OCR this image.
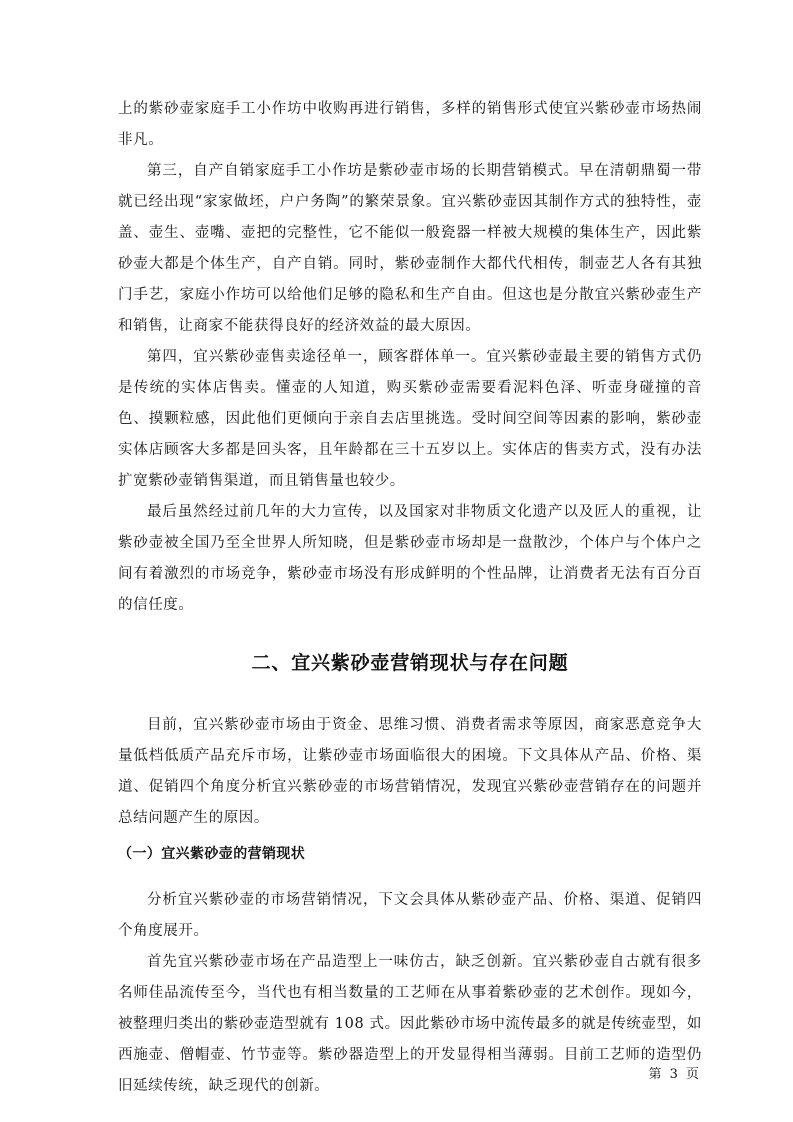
上的紫砂壶家庭手工小作坊中收购再进行销售，多样的销售形式使宜兴紫砂壶市场热闹非凡。

第三，自产自销家庭手工小作坊是紫砂壶市场的长期营销模式。早在清朝鼎蜀一带就已经出现“家家做坯，户户务陶”的繁荣景象。宜兴紫砂壶因其制作方式的独特性，壶盖、壶生、壶嘴、壶把的完整性，它不能似一般瓷器一样被大规模的集体生产，因此紫砂壶大都是个体生产，自产自销。同时，紫砂壶制作大都代代相传，制壶艺人各有其独门手艺，家庭小作坊可以给他们足够的隐私和生产自由。但这也是分散宜兴紫砂壶生产和销售，让商家不能获得良好的经济效益的最大原因。

第四，宜兴紫砂壶售卖途径单一，顾客群体单一。宜兴紫砂壶最主要的销售方式仍是传统的实体店售卖。懂壶的人知道，购买紫砂壶需要看泥料色泽、听壶身碰撞的音色、摸颗粒感，因此他们更倾向于亲自去店里挑选。受时间空间等因素的影响，紫砂壶实体店顾客大多都是回头客，且年龄都在三十五岁以上。实体店的售卖方式，没有办法扩宽紫砂壶销售渠道，而且销售量也较少。

最后虽然经过前几年的大力宣传，以及国家对非物质文化遗产以及匠人的重视，让紫砂壶被全国乃至全世界人所知晓，但是紫砂壶市场却是一盘散沙，个体户与个体户之间有着激烈的市场竞争，紫砂壶市场没有形成鲜明的个性品牌，让消费者无法有百分百的信任度。

二、宜兴紫砂壶营销现状与存在问题

目前，宜兴紫砂壶市场由于资金、思维习惯、消费者需求等原因，商家恶意竞争大量低档低质产品充斥市场，让紫砂壶市场面临很大的困境。下文具体从产品、价格、渠道、促销四个角度分析宜兴紫砂壶的市场营销情况，发现宜兴紫砂壶营销存在的问题并总结问题产生的原因。

（一）宜兴紫砂壶的营销现状

分析宜兴紫砂壶的市场营销情况，下文会具体从紫砂壶产品、价格、渠道、促销四个角度展开。

首先宜兴紫砂壶市场在产品造型上一味仿古，缺乏创新。宜兴紫砂壶自古就有很多名师佳品流传至今，当代也有相当数量的工艺师在从事着紫砂壶的艺术创作。现如今，被整理归类出的紫砂壶造型就有 108 式。因此紫砂市场中流传最多的就是传统壶型，如西施壶、僧帽壶、竹节壶等。紫砂器造型上的开发显得相当薄弱。目前工艺师的造型仍旧延续传统，缺乏现代的创新。

第 3 页
